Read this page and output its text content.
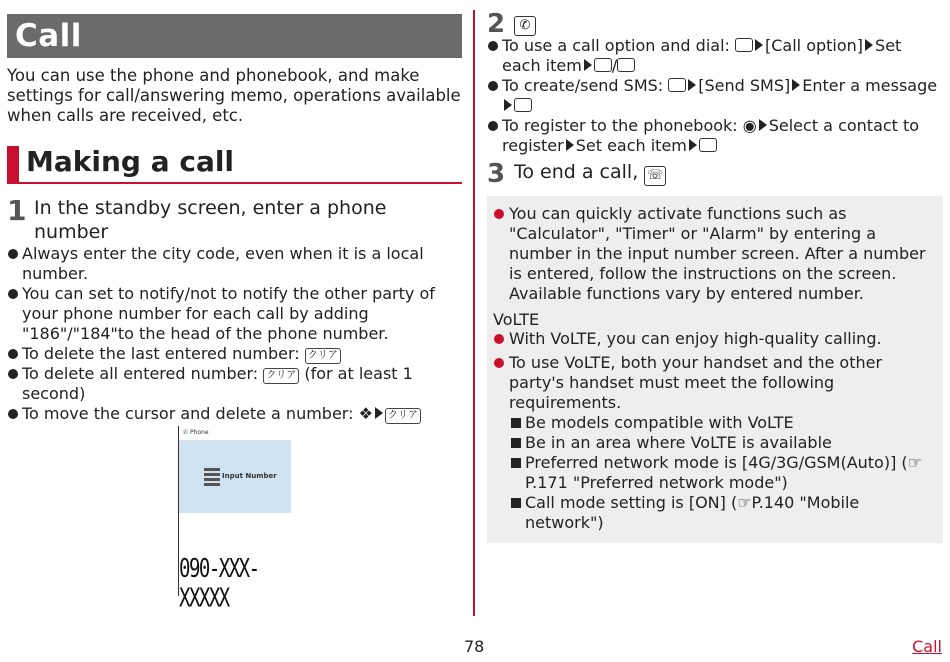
Call
You can use the phone and phonebook, and make settings for call/answering memo, operations available when calls are received, etc.
Making a call
1 In the standby screen, enter a phone number
Always enter the city code, even when it is a local number.
You can set to notify/not to notify the other party of your phone number for each call by adding "186"/"184"to the head of the phone number.
To delete the last entered number: クリア
To delete all entered number: クリア (for at least 1 second)
To move the cursor and delete a number: ❖ クリア
✆ Phone
Input Number
090-XXX-XXXXX
2	✆
To use a call option and dial: [Call option] Set each item /
To create/send SMS: [Send SMS] Enter a message
To register to the phonebook: ◉ Select a contact to register Set each item
3 To end a call, ☏
You can quickly activate functions such as "Calculator", "Timer" or "Alarm" by entering a number in the input number screen. After a number is entered, follow the instructions on the screen. Available functions vary by entered number.
VoLTE
With VoLTE, you can enjoy high-quality calling.
To use VoLTE, both your handset and the other party's handset must meet the following requirements.
Be models compatible with VoLTE
Be in an area where VoLTE is available
Preferred network mode is [4G/3G/GSM(Auto)] (☞P.171 "Preferred network mode")
Call mode setting is [ON] (☞P.140 "Mobile network")
78	Call
